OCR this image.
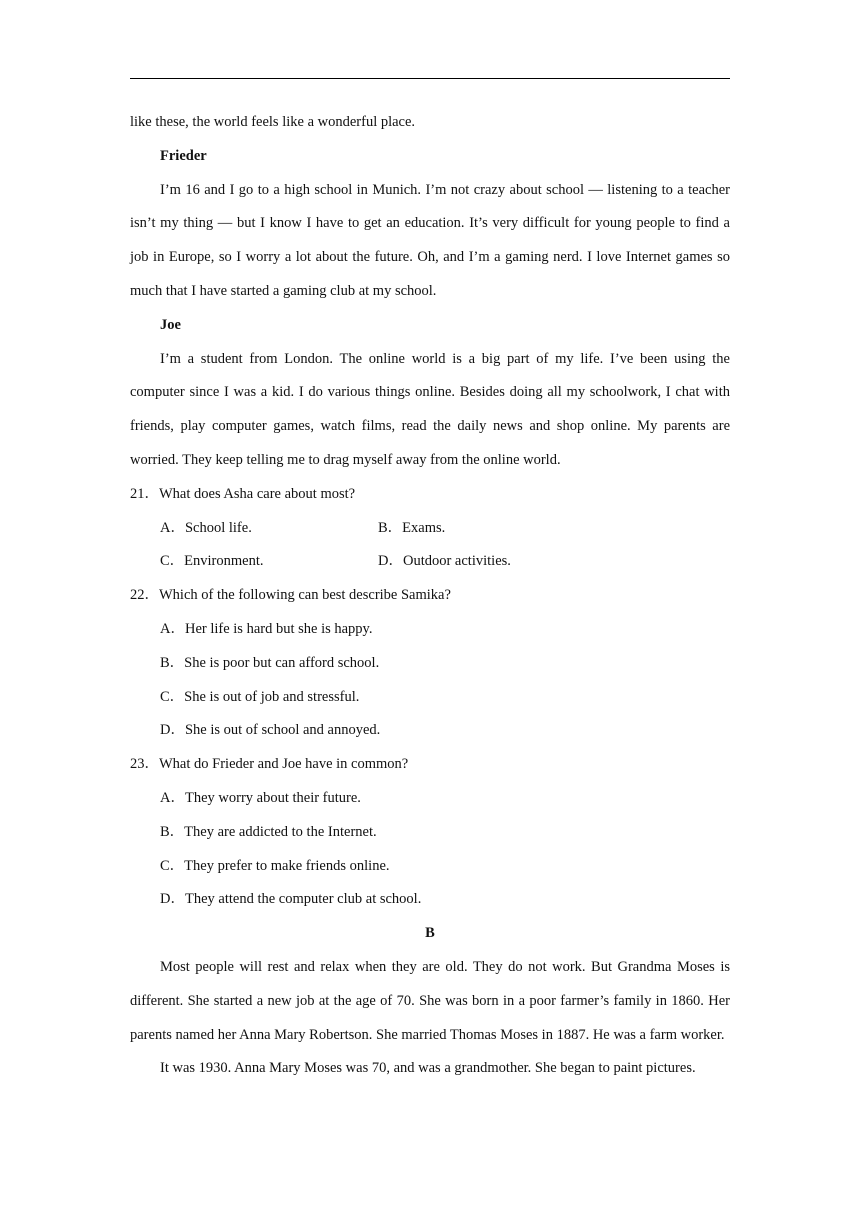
like these, the world feels like a wonderful place.

Frieder

I’m 16 and I go to a high school in Munich. I’m not crazy about school — listening to a teacher isn’t my thing — but I know I have to get an education. It’s very difficult for young people to find a job in Europe, so I worry a lot about the future. Oh, and I’m a gaming nerd. I love Internet games so much that I have started a gaming club at my school.

Joe

I’m a student from London. The online world is a big part of my life. I’ve been using the computer since I was a kid. I do various things online. Besides doing all my schoolwork, I chat with friends, play computer games, watch films, read the daily news and shop online. My parents are worried. They keep telling me to drag myself away from the online world.

21．What does Asha care about most?

A．School life.	B．Exams.
C．Environment.	D．Outdoor activities.

22．Which of the following can best describe Samika?

A．Her life is hard but she is happy.
B．She is poor but can afford school.
C．She is out of job and stressful.
D．She is out of school and annoyed.

23．What do Frieder and Joe have in common?

A．They worry about their future.
B．They are addicted to the Internet.
C．They prefer to make friends online.
D．They attend the computer club at school.

B

Most people will rest and relax when they are old. They do not work. But Grandma Moses is different. She started a new job at the age of 70. She was born in a poor farmer’s family in 1860. Her parents named her Anna Mary Robertson. She married Thomas Moses in 1887. He was a farm worker.

It was 1930. Anna Mary Moses was 70, and was a grandmother. She began to paint pictures.
